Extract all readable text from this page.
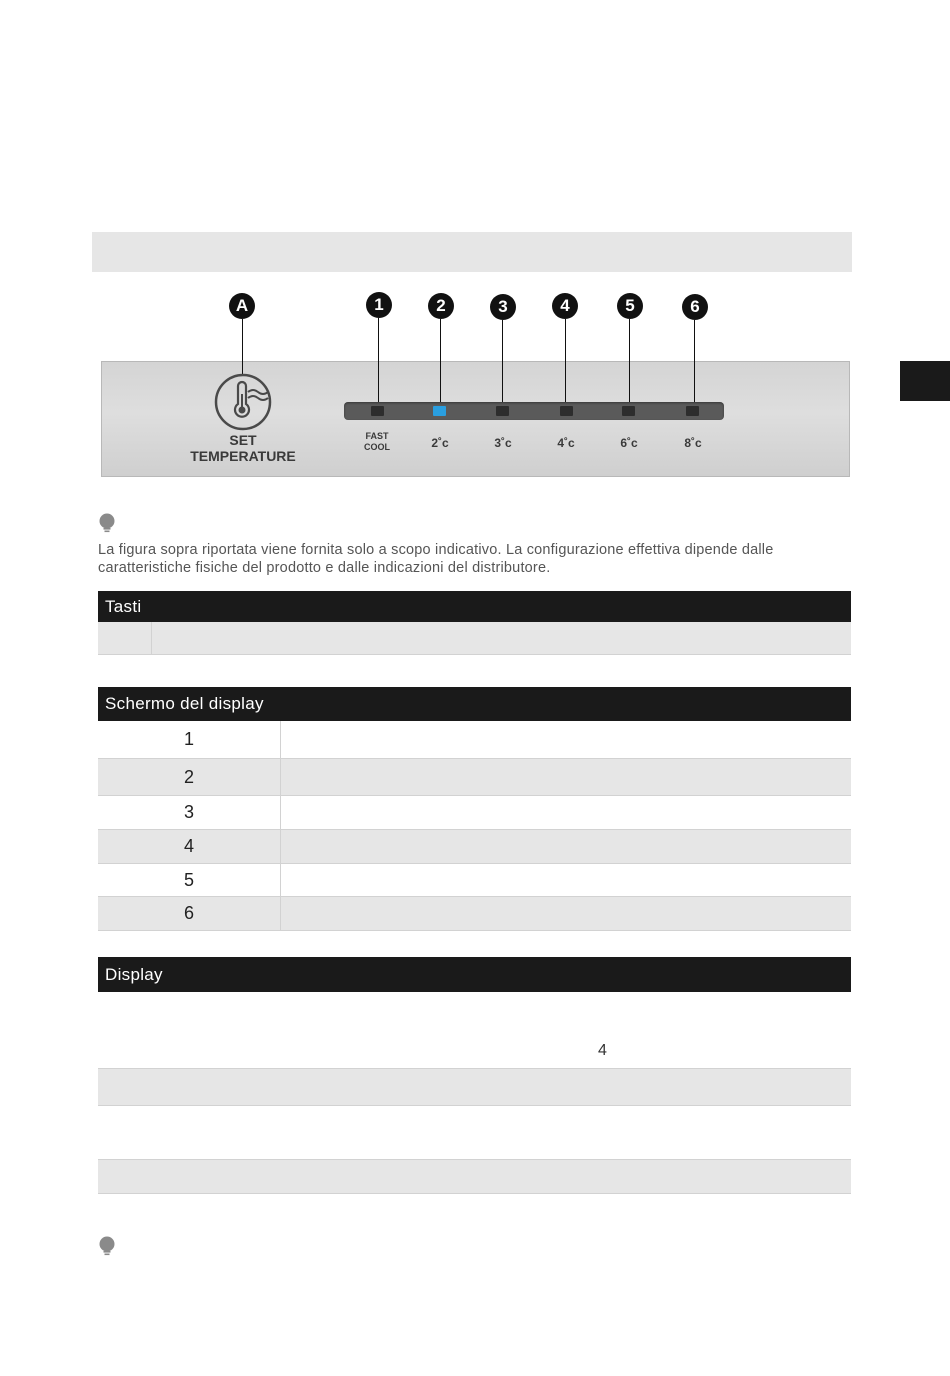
A	1	2	3	4	5	6
SET
TEMPERATURE
FAST
COOL	2˚c	3˚c	4˚c	6˚c	8˚c
La figura sopra riportata viene fornita solo a scopo indicativo. La configurazione effettiva dipende dalle caratteristiche fisiche del prodotto e dalle indicazioni del distributore.
Tasti
Schermo del display
1
2
3
4
5
6
Display
4
